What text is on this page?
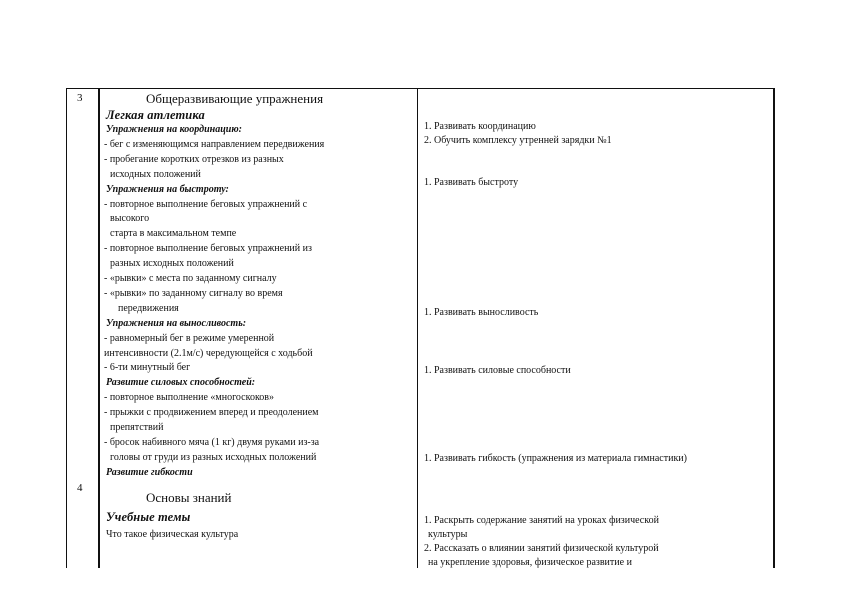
3	Общеразвивающие упражнения
Легкая атлетика
Упражнения на координацию:
- бег с изменяющимся направлением передвижения
- пробегание коротких отрезков из разных
исходных положений
Упражнения на быстроту:
- повторное выполнение беговых упражнений с
высокого
старта в максимальном темпе
- повторное выполнение беговых упражнений из
разных исходных положений
- «рывки» с места по заданному сигналу
- «рывки» по заданному сигналу во время
передвижения
Упражнения на выносливость:
- равномерный бег в режиме умеренной
интенсивности (2.1м/с) чередующейся с ходьбой
- 6-ти минутный бег
Развитие силовых способностей:
- повторное выполнение «многоскоков»
- прыжки с продвижением вперед и преодолением
препятствий
- бросок набивного мяча (1 кг) двумя руками из-за
головы от груди из разных исходных положений
Развитие гибкости
1. Развивать координацию
2. Обучить комплексу утренней зарядки №1
1. Развивать быстроту
1. Развивать выносливость
1. Развивать силовые способности
1. Развивать гибкость (упражнения из материала гимнастики)
4
Основы знаний
Учебные темы
Что такое физическая культура
1. Раскрыть содержание занятий на уроках физической
культуры
2. Рассказать о влиянии занятий физической культурой
на укрепление здоровья, физическое развитие и
